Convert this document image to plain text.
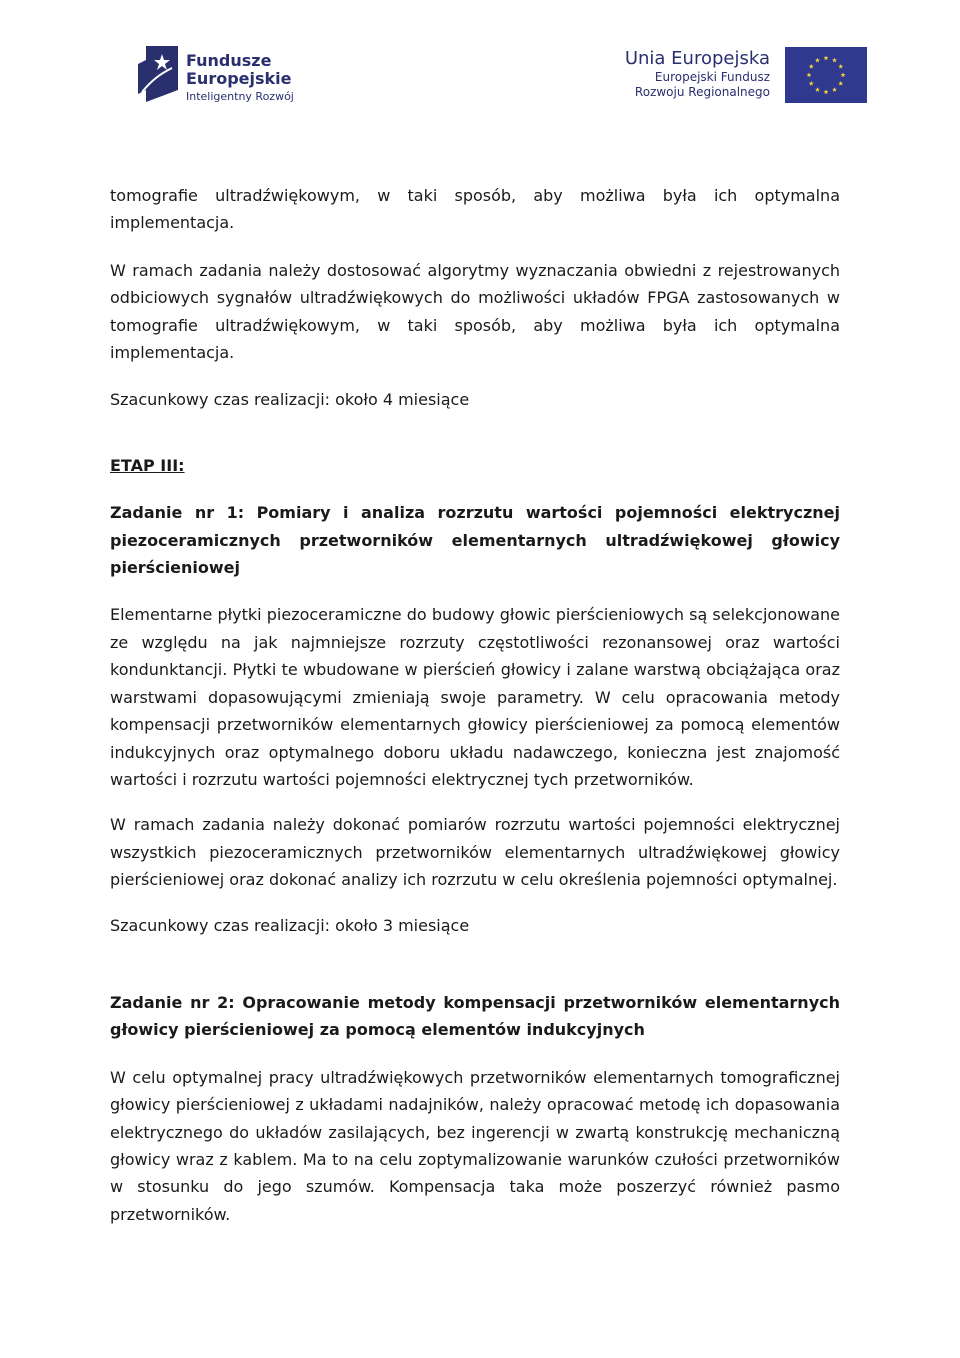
Fundusze
Europejskie
Inteligentny Rozwój
Unia Europejska
Europejski Fundusz
Rozwoju Regionalnego

tomografie ultradźwiękowym, w taki sposób, aby możliwa była ich optymalna implementacja.

W ramach zadania należy dostosować algorytmy wyznaczania obwiedni z rejestrowanych odbiciowych sygnałów ultradźwiękowych do możliwości układów FPGA zastosowanych w tomografie ultradźwiękowym, w taki sposób, aby możliwa była ich optymalna implementacja.

Szacunkowy czas realizacji: około 4 miesiące

ETAP III:

Zadanie nr 1: Pomiary i analiza rozrzutu wartości pojemności elektrycznej piezoceramicznych przetworników elementarnych ultradźwiękowej głowicy pierścieniowej

Elementarne płytki piezoceramiczne do budowy głowic pierścieniowych są selekcjonowane ze względu na jak najmniejsze rozrzuty częstotliwości rezonansowej oraz wartości kondunktancji. Płytki te wbudowane w pierścień głowicy i zalane warstwą obciążająca oraz warstwami dopasowującymi zmieniają swoje parametry. W celu opracowania metody kompensacji przetworników elementarnych głowicy pierścieniowej za pomocą elementów indukcyjnych oraz optymalnego doboru układu nadawczego, konieczna jest znajomość wartości i rozrzutu wartości pojemności elektrycznej tych przetworników.

W ramach zadania należy dokonać pomiarów rozrzutu wartości pojemności elektrycznej wszystkich piezoceramicznych przetworników elementarnych ultradźwiękowej głowicy pierścieniowej oraz dokonać analizy ich rozrzutu w celu określenia pojemności optymalnej.

Szacunkowy czas realizacji: około 3 miesiące

Zadanie nr 2: Opracowanie metody kompensacji przetworników elementarnych głowicy pierścieniowej za pomocą elementów indukcyjnych

W celu optymalnej pracy ultradźwiękowych przetworników elementarnych tomograficznej głowicy pierścieniowej z układami nadajników, należy opracować metodę ich dopasowania elektrycznego do układów zasilających, bez ingerencji w zwartą konstrukcję mechaniczną głowicy wraz z kablem. Ma to na celu zoptymalizowanie warunków czułości przetworników w stosunku do jego szumów. Kompensacja taka może poszerzyć również pasmo przetworników.
